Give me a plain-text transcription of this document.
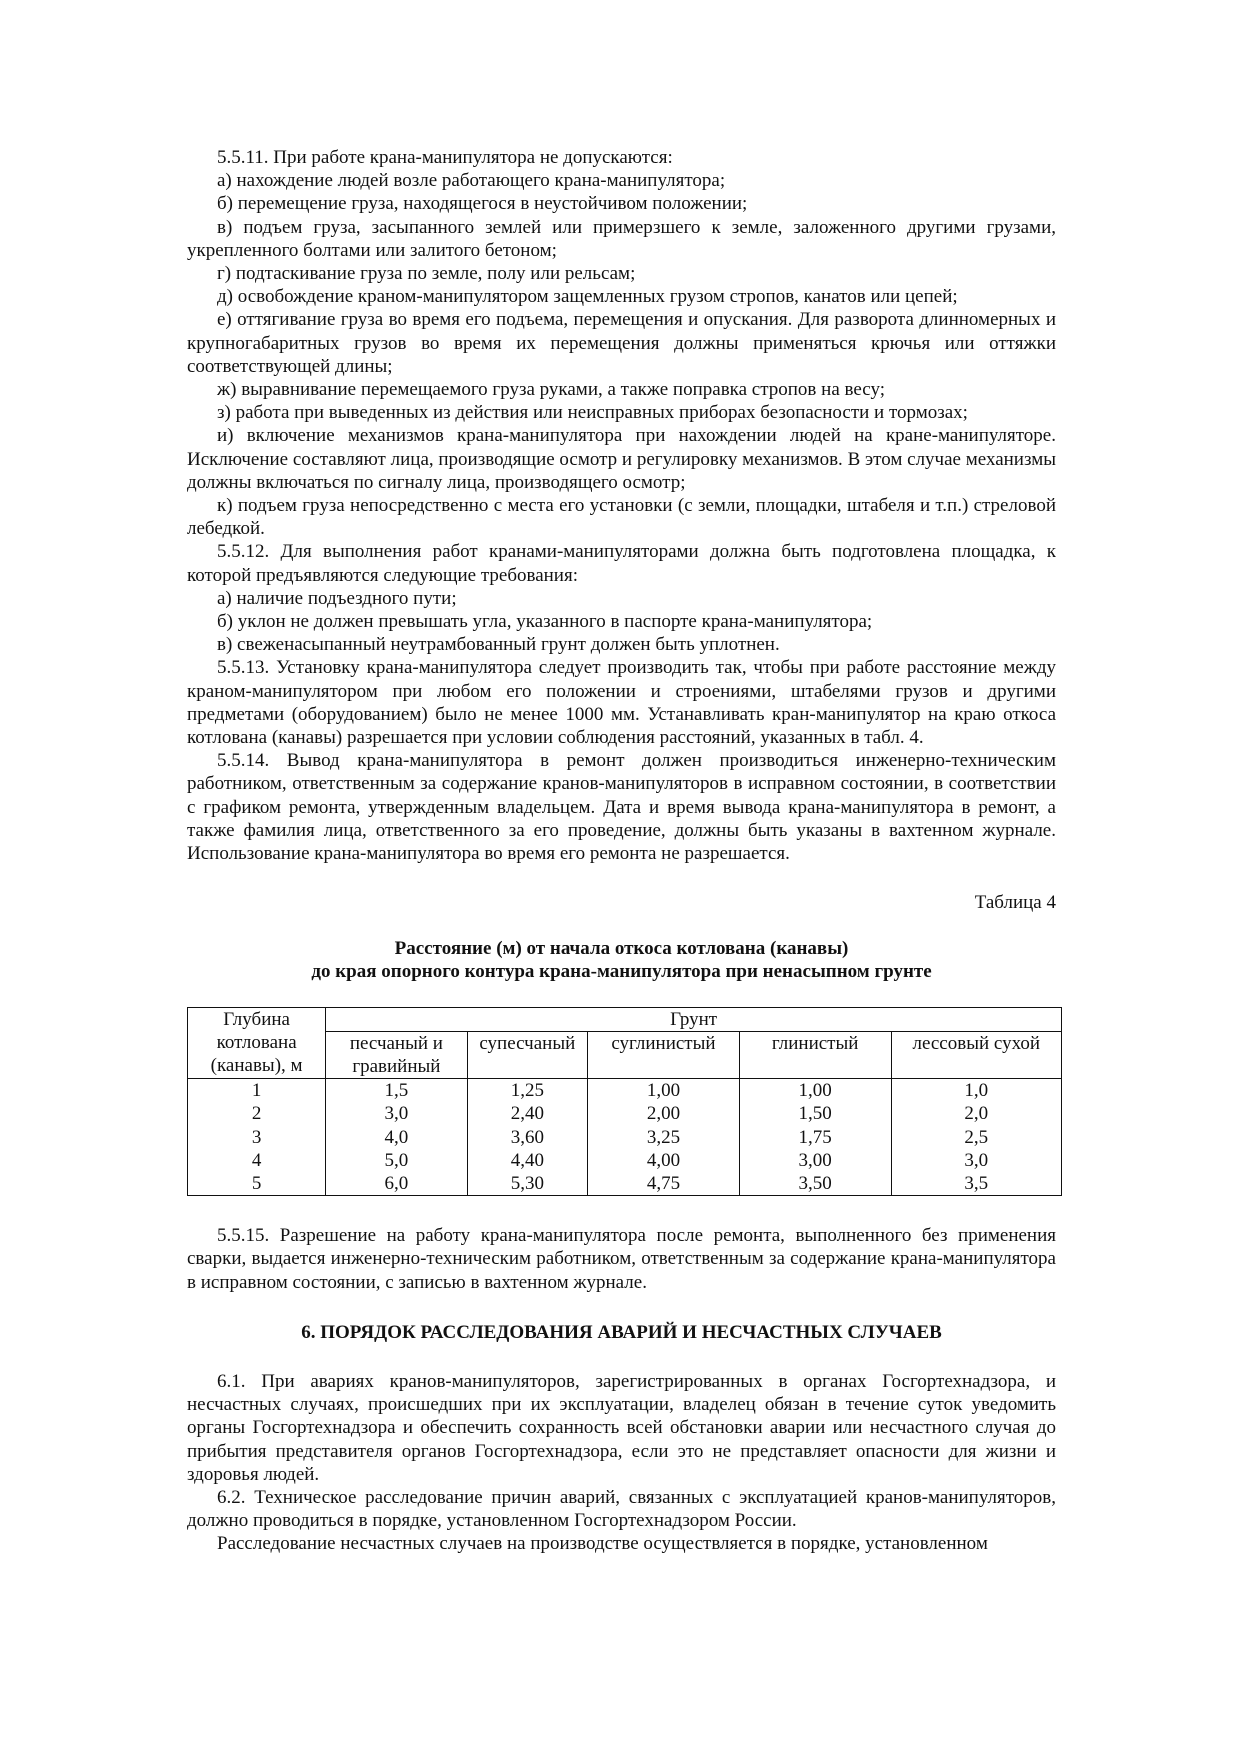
5.5.11. При работе крана-манипулятора не допускаются:

а) нахождение людей возле работающего крана-манипулятора;

б) перемещение груза, находящегося в неустойчивом положении;

в) подъем груза, засыпанного землей или примерзшего к земле, заложенного другими грузами, укрепленного болтами или залитого бетоном;

г) подтаскивание груза по земле, полу или рельсам;

д) освобождение краном-манипулятором защемленных грузом стропов, канатов или цепей;

е) оттягивание груза во время его подъема, перемещения и опускания. Для разворота длинномерных и крупногабаритных грузов во время их перемещения должны применяться крючья или оттяжки соответствующей длины;

ж) выравнивание перемещаемого груза руками, а также поправка стропов на весу;

з) работа при выведенных из действия или неисправных приборах безопасности и тормозах;

и) включение механизмов крана-манипулятора при нахождении людей на кране-манипуляторе. Исключение составляют лица, производящие осмотр и регулировку механизмов. В этом случае механизмы должны включаться по сигналу лица, производящего осмотр;

к) подъем груза непосредственно с места его установки (с земли, площадки, штабеля и т.п.) стреловой лебедкой.

5.5.12. Для выполнения работ кранами-манипуляторами должна быть подготовлена площадка, к которой предъявляются следующие требования:

а) наличие подъездного пути;

б) уклон не должен превышать угла, указанного в паспорте крана-манипулятора;

в) свеженасыпанный неутрамбованный грунт должен быть уплотнен.

5.5.13. Установку крана-манипулятора следует производить так, чтобы при работе расстояние между краном-манипулятором при любом его положении и строениями, штабелями грузов и другими предметами (оборудованием) было не менее 1000 мм. Устанавливать кран-манипулятор на краю откоса котлована (канавы) разрешается при условии соблюдения расстояний, указанных в табл. 4.

5.5.14. Вывод крана-манипулятора в ремонт должен производиться инженерно-техническим работником, ответственным за содержание кранов-манипуляторов в исправном состоянии, в соответствии с графиком ремонта, утвержденным владельцем. Дата и время вывода крана-манипулятора в ремонт, а также фамилия лица, ответственного за его проведение, должны быть указаны в вахтенном журнале. Использование крана-манипулятора во время его ремонта не разрешается.

Таблица 4
Расстояние (м) от начала откоса котлована (канавы)
до края опорного контура крана-манипулятора при ненасыпном грунте
Глубина
котлована
(канавы), м	Грунт				
	песчаный и гравийный	супесчаный	суглинистый	глинистый	лессовый сухой
1	1,5	1,25	1,00	1,00	1,0
2	3,0	2,40	2,00	1,50	2,0
3	4,0	3,60	3,25	1,75	2,5
4	5,0	4,40	4,00	3,00	3,0
5	6,0	5,30	4,75	3,50	3,5

5.5.15. Разрешение на работу крана-манипулятора после ремонта, выполненного без применения сварки, выдается инженерно-техническим работником, ответственным за содержание крана-манипулятора в исправном состоянии, с записью в вахтенном журнале.

6. ПОРЯДОК РАССЛЕДОВАНИЯ АВАРИЙ И НЕСЧАСТНЫХ СЛУЧАЕВ

6.1. При авариях кранов-манипуляторов, зарегистрированных в органах Госгортехнадзора, и несчастных случаях, происшедших при их эксплуатации, владелец обязан в течение суток уведомить органы Госгортехнадзора и обеспечить сохранность всей обстановки аварии или несчастного случая до прибытия представителя органов Госгортехнадзора, если это не представляет опасности для жизни и здоровья людей.

6.2. Техническое расследование причин аварий, связанных с эксплуатацией кранов-манипуляторов, должно проводиться в порядке, установленном Госгортехнадзором России.

Расследование несчастных случаев на производстве осуществляется в порядке, установленном
